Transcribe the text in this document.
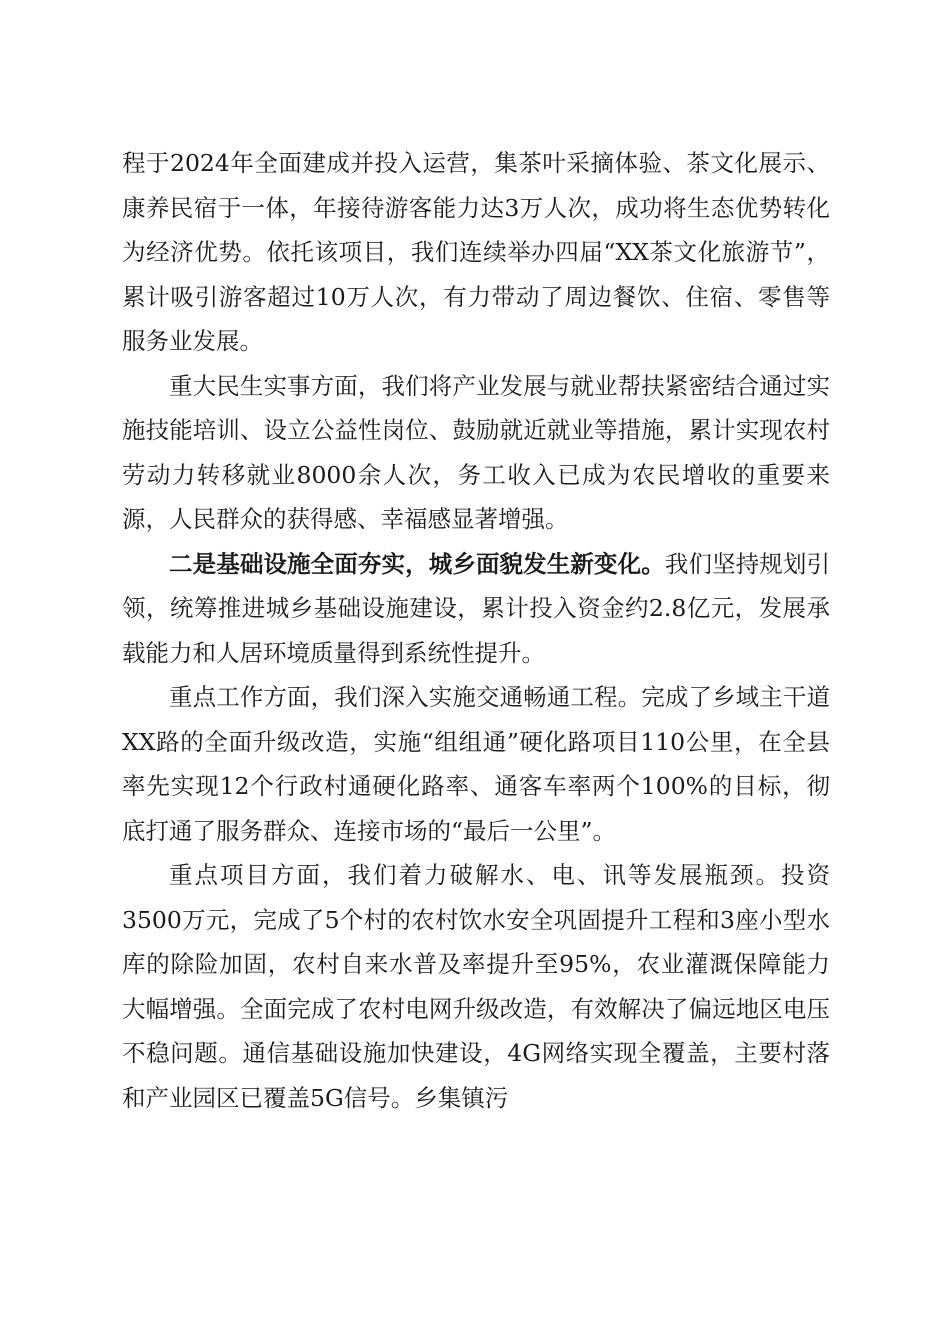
程于2024年全面建成并投入运营，集茶叶采摘体验、茶文化展示、康养民宿于一体，年接待游客能力达3万人次，成功将生态优势转化为经济优势。依托该项目，我们连续举办四届“XX茶文化旅游节”，累计吸引游客超过10万人次，有力带动了周边餐饮、住宿、零售等服务业发展。

重大民生实事方面，我们将产业发展与就业帮扶紧密结合通过实施技能培训、设立公益性岗位、鼓励就近就业等措施，累计实现农村劳动力转移就业8000余人次，务工收入已成为农民增收的重要来源，人民群众的获得感、幸福感显著增强。

二是基础设施全面夯实，城乡面貌发生新变化。我们坚持规划引领，统筹推进城乡基础设施建设，累计投入资金约2.8亿元，发展承载能力和人居环境质量得到系统性提升。

重点工作方面，我们深入实施交通畅通工程。完成了乡域主干道XX路的全面升级改造，实施“组组通”硬化路项目110公里，在全县率先实现12个行政村通硬化路率、通客车率两个100%的目标，彻底打通了服务群众、连接市场的“最后一公里”。

重点项目方面，我们着力破解水、电、讯等发展瓶颈。投资3500万元，完成了5个村的农村饮水安全巩固提升工程和3座小型水库的除险加固，农村自来水普及率提升至95%，农业灌溉保障能力大幅增强。全面完成了农村电网升级改造，有效解决了偏远地区电压不稳问题。通信基础设施加快建设，4G网络实现全覆盖，主要村落和产业园区已覆盖5G信号。乡集镇污
